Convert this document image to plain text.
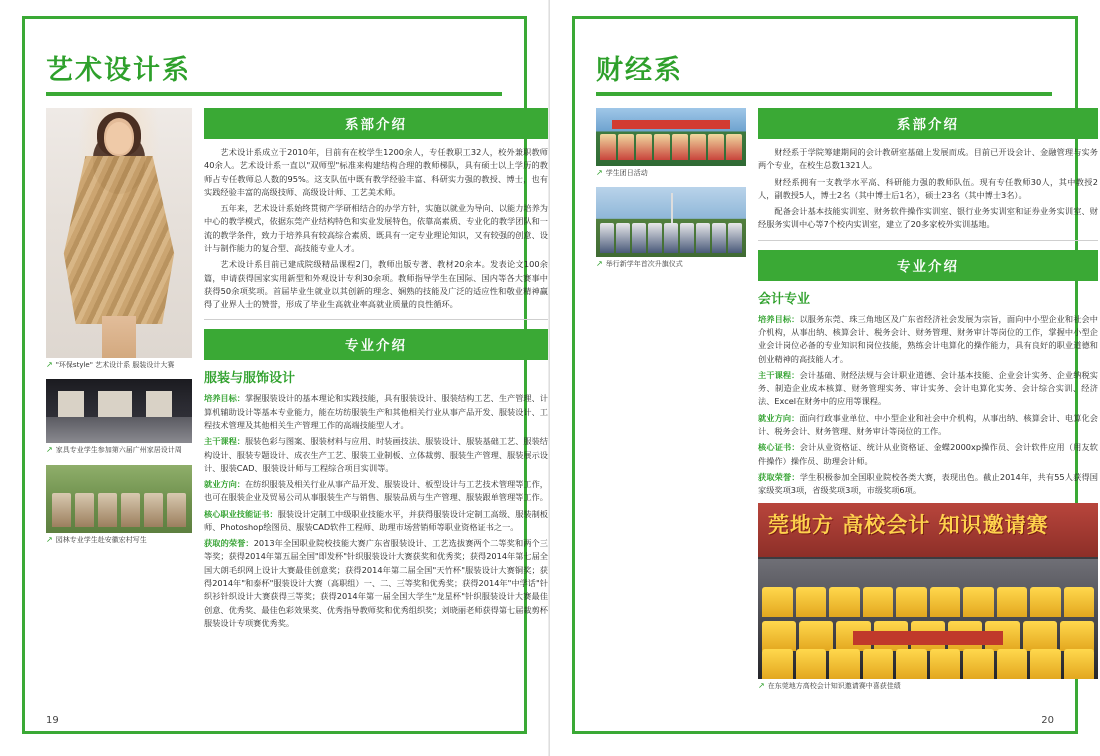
艺术设计系
↗ "环保style" 艺术设计系 服装设计大赛
↗ 家具专业学生参加第六届广州家居设计周
↗ 园林专业学生赴安徽宏村写生
系部介绍

艺术设计系成立于2010年，目前有在校学生1200余人，专任教职工32人，校外兼职教师40余人。艺术设计系一直以"双师型"标准来构建结构合理的教师梯队，具有硕士以上学历的教师占专任教师总人数的95%。这支队伍中既有教学经验丰富、科研实力强的教授、博士，也有实践经验丰富的高级技师、高级设计师、工艺美术师。

五年来，艺术设计系始终贯彻产学研相结合的办学方针，实施以就业为导向、以能力培养为中心的教学模式，依据东莞产业结构特色和实业发展特色，依靠高素质、专业化的教学团队和一流的教学条件，致力于培养具有较高综合素质、既具有一定专业理论知识，又有较强的创意、设计与制作能力的复合型、高技能专业人才。

艺术设计系目前已建成院级精品课程2门，教师出版专著、教材20余本。发表论文100余篇，申请获得国家实用新型和外观设计专利30余项。教师指导学生在国际、国内等各大赛事中获得50余项奖项。首届毕业生就业以其创新的理念、娴熟的技能及广泛的适应性和敬业精神赢得了业界人士的赞誉，形成了毕业生高就业率高就业质量的良性循环。

专业介绍
服装与服饰设计

培养目标：掌握服装设计的基本理论和实践技能，具有服装设计、服装结构工艺、生产管理、计算机辅助设计等基本专业能力，能在坊纺服装生产和其他相关行业从事产品开发、服装设计、工程技术管理及其他相关生产管理工作的高端技能型人才。

主干课程：服装色彩与图案、服装材料与应用、时装画技法、服装设计、服装基础工艺、服装结构设计、服装专题设计、成衣生产工艺、服装工业制板、立体裁剪、服装生产管理、服装展示设计、服装CAD、服装设计师与工程综合项目实训等。

就业方向：在纺织服装及相关行业从事产品开发、服装设计、板型设计与工艺技术管理等工作，也可在服装企业及贸易公司从事服装生产与销售、服装品质与生产管理、服装跟单管理等工作。

核心职业技能证书：服装设计定制工中级职业技能水平，并获得服装设计定制工高级、服装制板师、Photoshop绘图员、服装CAD软件工程师、助理市场营销师等职业资格证书之一。

获取的荣誉：2013年全国职业院校技能大赛广东省服装设计、工艺选拔赛两个二等奖和两个三等奖；获得2014年第五届全国"即发杯"针织服装设计大赛获奖和优秀奖；获得2014年第七届全国大朗毛织网上设计大赛最佳创意奖；获得2014年第二届全国"天竹杯"服装设计大赛铜奖；获得2014年"和泰杯"服装设计大赛（高职组）一、二、三等奖和优秀奖；获得2014年"中学话"针织衫针织设计大赛获得三等奖；获得2014年第一届全国大学生"龙星杯"针织服装设计大赛最佳创意、优秀奖、最佳色彩效果奖、优秀指导教师奖和优秀组织奖；刘晓丽老师获得第七届裁剪杯服装设计专项赛优秀奖。

19
财经系
↗ 学生团日活动
↗ 举行新学年首次升旗仪式
系部介绍

财经系于学院筹建期间的会计教研室基础上发展而成。目前已开设会计、金融管理与实务两个专业，在校生总数1321人。

财经系拥有一支教学水平高、科研能力强的教师队伍。现有专任教师30人，其中教授2人，副教授5人，博士2名（其中博士后1名），硕士23名（其中博士3名）。

配备会计基本技能实训室、财务软件操作实训室、银行业务实训室和证券业务实训室、财经服务实训中心等7个校内实训室，建立了20多家校外实训基地。

专业介绍
会计专业

培养目标：以服务东莞、珠三角地区及广东省经济社会发展为宗旨，面向中小型企业和社会中介机构，从事出纳、核算会计、税务会计、财务管理、财务审计等岗位的工作，掌握中小型企业会计岗位必备的专业知识和岗位技能，熟练会计电算化的操作能力，具有良好的职业道德和创业精神的高技能人才。

主干课程：会计基础、财经法规与会计职业道德、会计基本技能、企业会计实务、企业纳税实务、制造企业成本核算、财务管理实务、审计实务、会计电算化实务、会计综合实训、经济法、Excel在财务中的应用等课程。

就业方向：面向行政事业单位、中小型企业和社会中介机构，从事出纳、核算会计、电算化会计、税务会计、财务管理、财务审计等岗位的工作。

核心证书：会计从业资格证、统计从业资格证、金蝶2000xp操作员、会计软件应用（用友软件操作）操作员、助理会计师。

获取荣誉：学生积极参加全国职业院校各类大赛，表现出色。截止2014年，共有55人获得国家级奖项3项，省级奖项3项，市级奖项6项。

莞地方 高校会计 知识邀请赛
↗ 在东莞地方高校会计知识邀请赛中喜获佳绩
20
